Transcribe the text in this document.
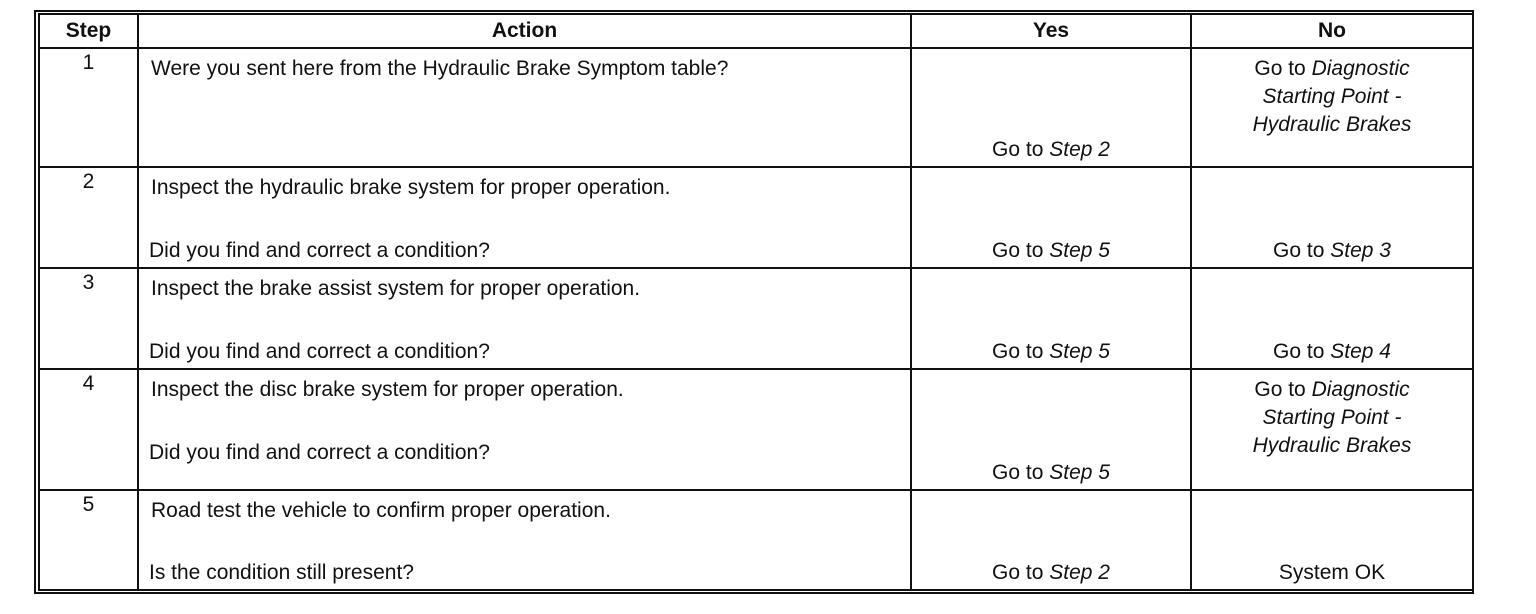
Step	Action	Yes	No
1	Were you sent here from the Hydraulic Brake Symptom table?	Go to Step 2	Go to Diagnostic
Starting Point -
Hydraulic Brakes

2	Inspect the hydraulic brake system for proper operation.
Did you find and correct a condition?	Go to Step 5	Go to Step 3

3	Inspect the brake assist system for proper operation.
Did you find and correct a condition?	Go to Step 5	Go to Step 4

4	Inspect the disc brake system for proper operation.
Did you find and correct a condition?	Go to Step 5	Go to Diagnostic
Starting Point -
Hydraulic Brakes

5	Road test the vehicle to confirm proper operation.
Is the condition still present?	Go to Step 2	System OK
